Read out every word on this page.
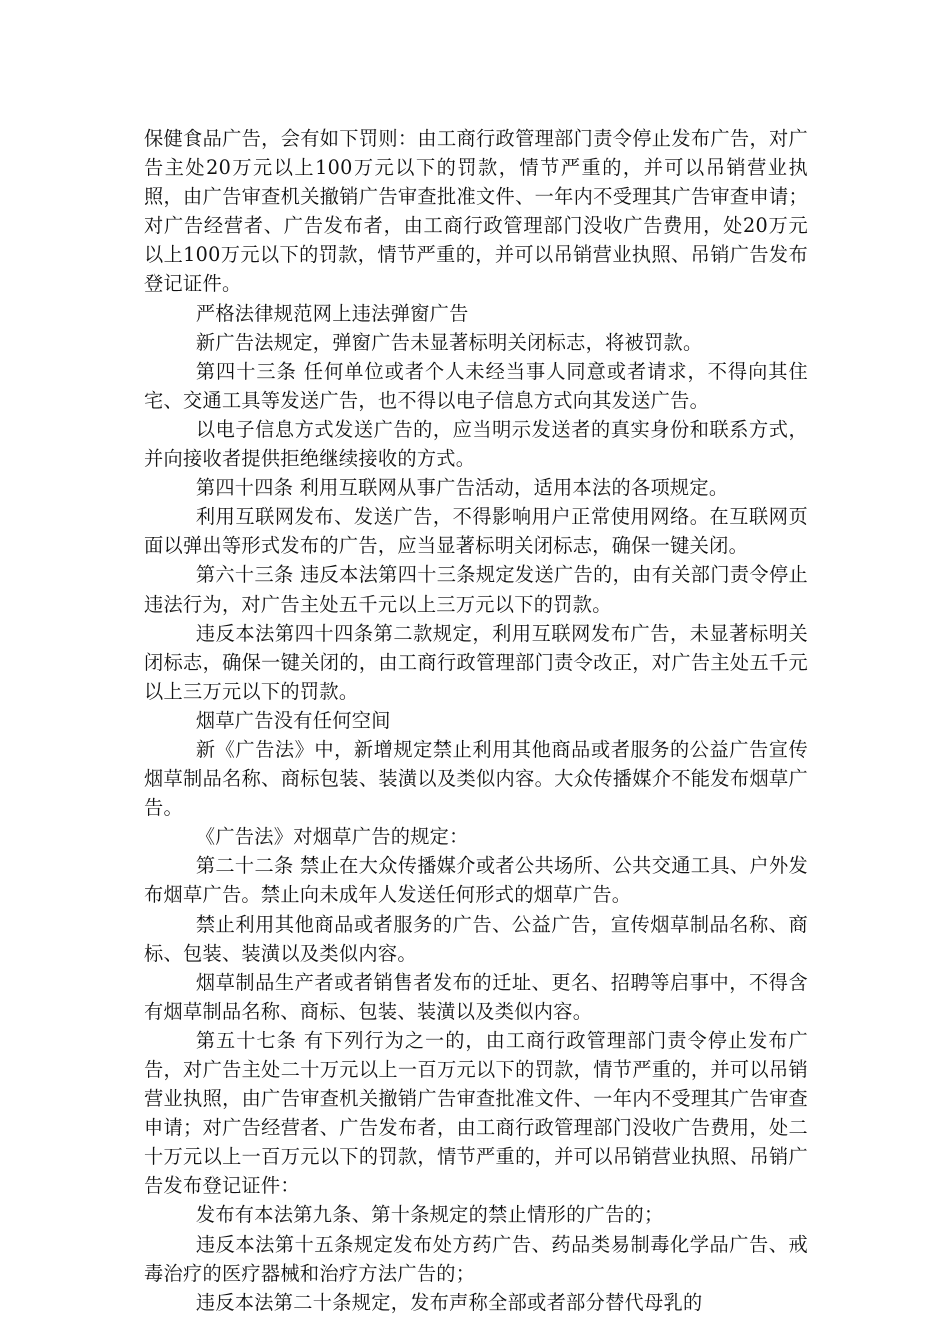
保健食品广告，会有如下罚则：由工商行政管理部门责令停止发布广告，对广告主处20万元以上100万元以下的罚款，情节严重的，并可以吊销营业执照，由广告审查机关撤销广告审查批准文件、一年内不受理其广告审查申请；对广告经营者、广告发布者，由工商行政管理部门没收广告费用，处20万元以上100万元以下的罚款，情节严重的，并可以吊销营业执照、吊销广告发布登记证件。

严格法律规范网上违法弹窗广告

新广告法规定，弹窗广告未显著标明关闭标志，将被罚款。

第四十三条 任何单位或者个人未经当事人同意或者请求，不得向其住宅、交通工具等发送广告，也不得以电子信息方式向其发送广告。

以电子信息方式发送广告的，应当明示发送者的真实身份和联系方式，并向接收者提供拒绝继续接收的方式。

第四十四条 利用互联网从事广告活动，适用本法的各项规定。

利用互联网发布、发送广告，不得影响用户正常使用网络。在互联网页面以弹出等形式发布的广告，应当显著标明关闭标志，确保一键关闭。

第六十三条 违反本法第四十三条规定发送广告的，由有关部门责令停止违法行为，对广告主处五千元以上三万元以下的罚款。

违反本法第四十四条第二款规定，利用互联网发布广告，未显著标明关闭标志，确保一键关闭的，由工商行政管理部门责令改正，对广告主处五千元以上三万元以下的罚款。

烟草广告没有任何空间

新《广告法》中，新增规定禁止利用其他商品或者服务的公益广告宣传烟草制品名称、商标包装、装潢以及类似内容。大众传播媒介不能发布烟草广告。

《广告法》对烟草广告的规定：

第二十二条 禁止在大众传播媒介或者公共场所、公共交通工具、户外发布烟草广告。禁止向未成年人发送任何形式的烟草广告。

禁止利用其他商品或者服务的广告、公益广告，宣传烟草制品名称、商标、包装、装潢以及类似内容。

烟草制品生产者或者销售者发布的迁址、更名、招聘等启事中，不得含有烟草制品名称、商标、包装、装潢以及类似内容。

第五十七条 有下列行为之一的，由工商行政管理部门责令停止发布广告，对广告主处二十万元以上一百万元以下的罚款，情节严重的，并可以吊销营业执照，由广告审查机关撤销广告审查批准文件、一年内不受理其广告审查申请；对广告经营者、广告发布者，由工商行政管理部门没收广告费用，处二十万元以上一百万元以下的罚款，情节严重的，并可以吊销营业执照、吊销广告发布登记证件：

发布有本法第九条、第十条规定的禁止情形的广告的；

违反本法第十五条规定发布处方药广告、药品类易制毒化学品广告、戒毒治疗的医疗器械和治疗方法广告的；

违反本法第二十条规定，发布声称全部或者部分替代母乳的
